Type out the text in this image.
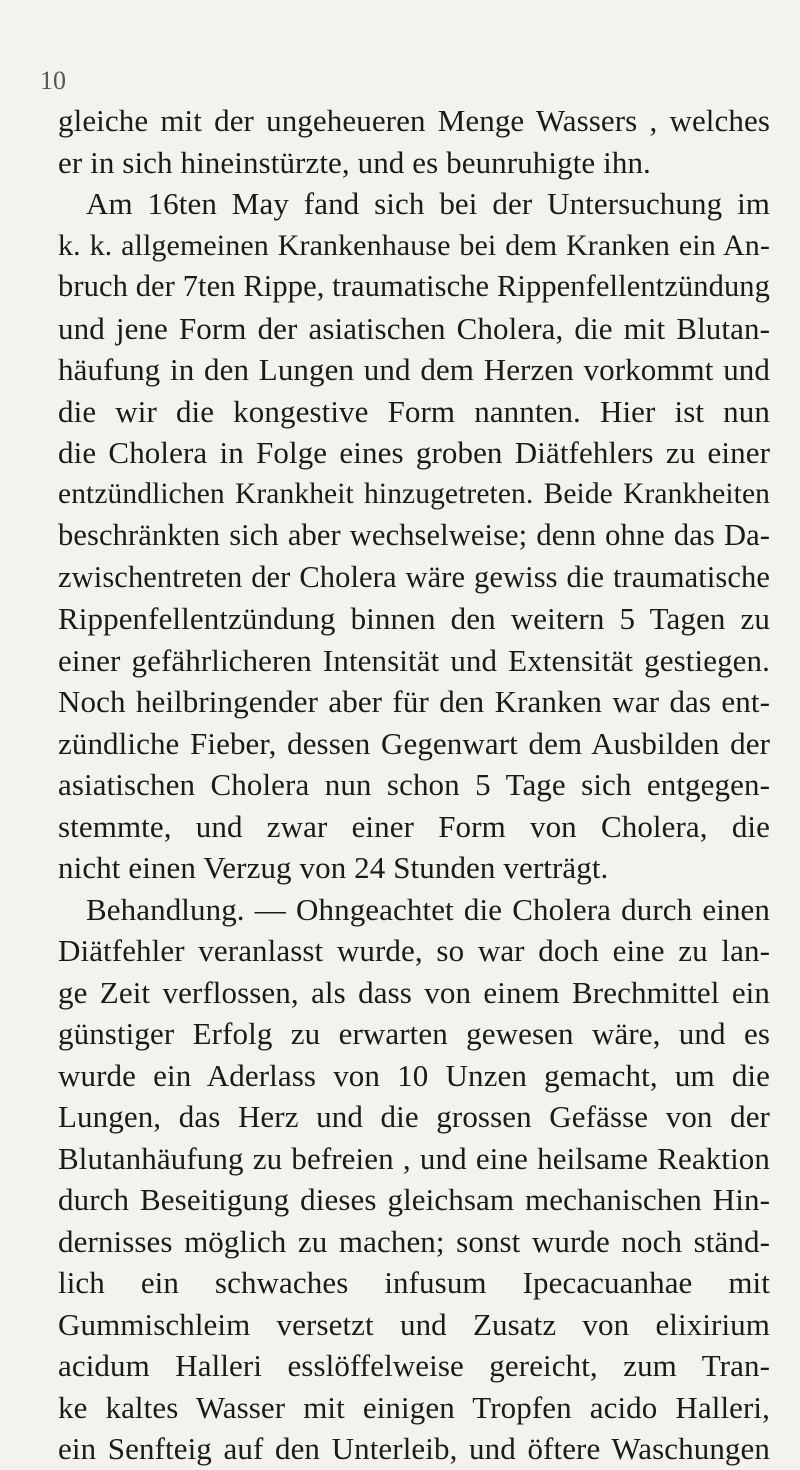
10
gleiche mit der ungeheueren Menge Wassers , welches
er in sich hineinstürzte, und es beunruhigte ihn.
Am 16ten May fand sich bei der Untersuchung im
k. k. allgemeinen Krankenhause bei dem Kranken ein An-
bruch der 7ten Rippe, traumatische Rippenfellentzündung
und jene Form der asiatischen Cholera, die mit Blutan-
häufung in den Lungen und dem Herzen vorkommt und
die wir die kongestive Form nannten. Hier ist nun
die Cholera in Folge eines groben Diätfehlers zu einer
entzündlichen Krankheit hinzugetreten. Beide Krankheiten
beschränkten sich aber wechselweise; denn ohne das Da-
zwischentreten der Cholera wäre gewiss die traumatische
Rippenfellentzündung binnen den weitern 5 Tagen zu
einer gefährlicheren Intensität und Extensität gestiegen.
Noch heilbringender aber für den Kranken war das ent-
zündliche Fieber, dessen Gegenwart dem Ausbilden der
asiatischen Cholera nun schon 5 Tage sich entgegen-
stemmte, und zwar einer Form von Cholera, die
nicht einen Verzug von 24 Stunden verträgt.
Behandlung. — Ohngeachtet die Cholera durch einen
Diätfehler veranlasst wurde, so war doch eine zu lan-
ge Zeit verflossen, als dass von einem Brechmittel ein
günstiger Erfolg zu erwarten gewesen wäre, und es
wurde ein Aderlass von 10 Unzen gemacht, um die
Lungen, das Herz und die grossen Gefässe von der
Blutanhäufung zu befreien , und eine heilsame Reaktion
durch Beseitigung dieses gleichsam mechanischen Hin-
dernisses möglich zu machen; sonst wurde noch ständ-
lich ein schwaches infusum Ipecacuanhae mit
Gummischleim versetzt und Zusatz von elixirium
acidum Halleri esslöffelweise gereicht, zum Tran-
ke kaltes Wasser mit einigen Tropfen acido Halleri,
ein Senfteig auf den Unterleib, und öftere Waschungen
